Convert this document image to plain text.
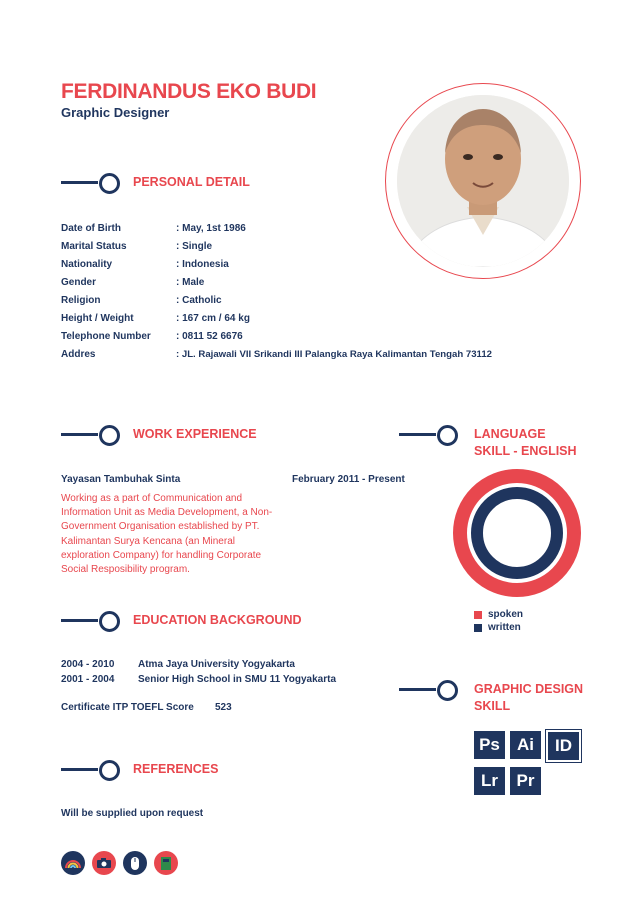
FERDINANDUS EKO BUDI
Graphic Designer
PERSONAL DETAIL
Date of Birth	: May, 1st 1986
Marital Status	: Single
Nationality	: Indonesia
Gender	: Male
Religion	: Catholic
Height / Weight	: 167 cm / 64 kg
Telephone Number	: 0811 52 6676
Addres	: JL. Rajawali VII Srikandi III Palangka Raya Kalimantan Tengah 73112
WORK EXPERIENCE
Yayasan Tambuhak Sinta	February 2011 - Present
Working as a part of Communication and Information Unit as Media Development, a Non-Government Organisation established by PT. Kalimantan Surya Kencana (an Mineral exploration Company) for handling Corporate Social Resposibility program.
EDUCATION BACKGROUND
2004 - 2010 Atma Jaya University Yogyakarta
2001 - 2004 Senior High School in SMU 11 Yogyakarta
Certificate ITP TOEFL Score 523
REFERENCES
Will be supplied upon request
LANGUAGE
SKILL - ENGLISH
spoken
written
GRAPHIC DESIGN
SKILL
Ps	Ai	ID
Lr	Pr
